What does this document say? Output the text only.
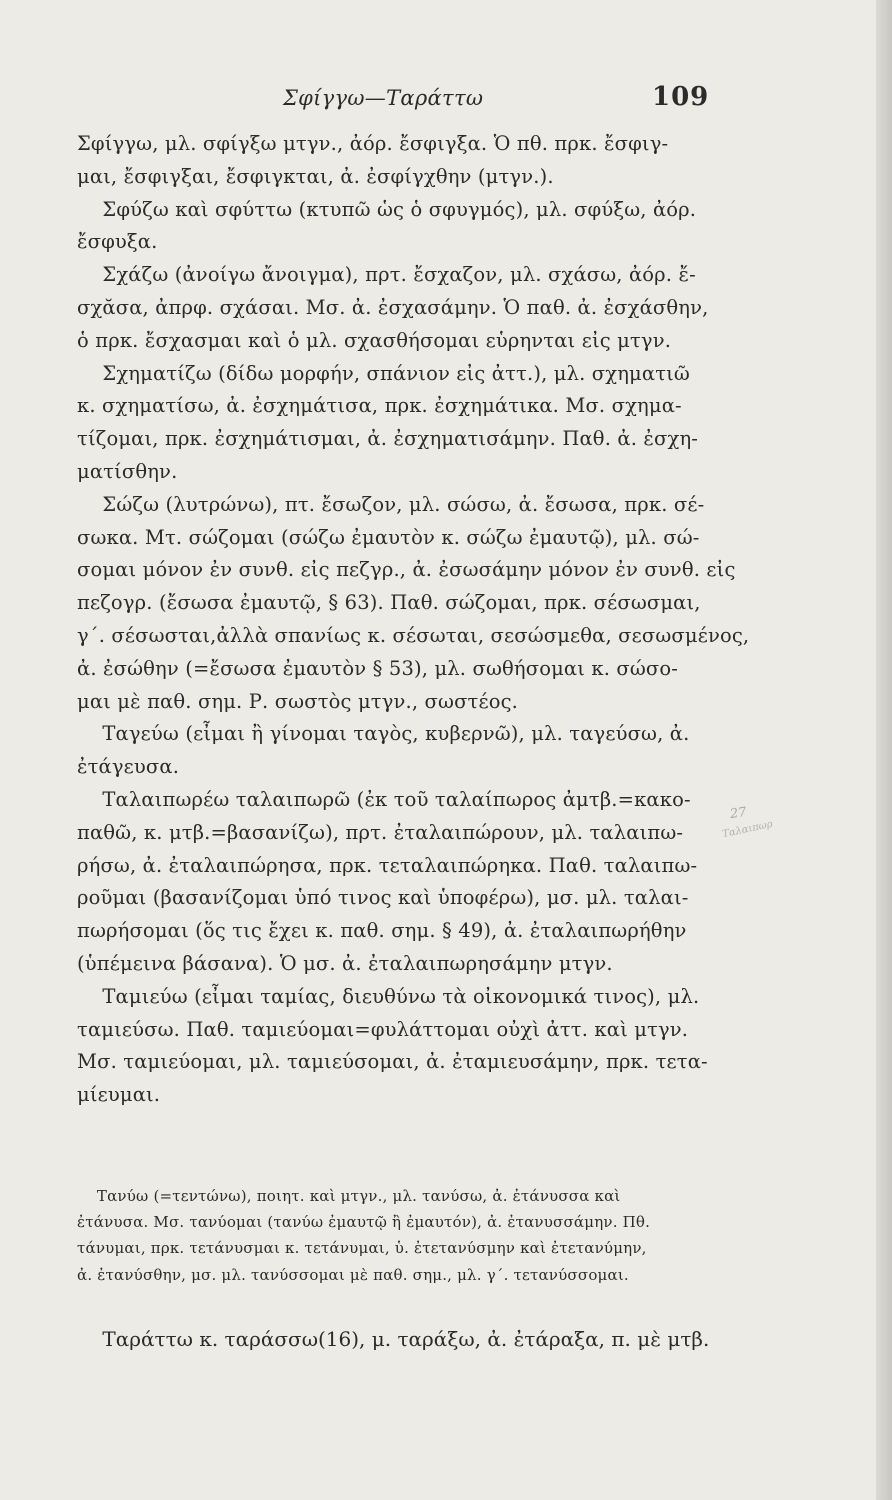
Σφίγγω—Ταράττω	109
Σφίγγω, μλ. σφίγξω μτγν., ἀόρ. ἔσφιγξα. Ὁ πθ. πρκ. ἔσφιγ-
μαι, ἔσφιγξαι, ἔσφιγκται, ἀ. ἐσφίγχθην (μτγν.).
Σφύζω καὶ σφύττω (κτυπῶ ὡς ὁ σφυγμός), μλ. σφύξω, ἀόρ.
ἔσφυξα.
Σχάζω (ἀνοίγω ἄνοιγμα), πρτ. ἔσχαζον, μλ. σχάσω, ἀόρ. ἔ-
σχᾰσα, ἀπρφ. σχάσαι. Μσ. ἀ. ἐσχασάμην. Ὁ παθ. ἀ. ἐσχάσθην,
ὁ πρκ. ἔσχασμαι καὶ ὁ μλ. σχασθήσομαι εὑρηνται εἰς μτγν.
Σχηματίζω (δίδω μορφήν, σπάνιον εἰς ἀττ.), μλ. σχηματιῶ
κ. σχηματίσω, ἀ. ἐσχημάτισα, πρκ. ἐσχημάτικα. Μσ. σχημα-
τίζομαι, πρκ. ἐσχημάτισμαι, ἀ. ἐσχηματισάμην. Παθ. ἀ. ἐσχη-
ματίσθην.
Σώζω (λυτρώνω), πτ. ἔσωζον, μλ. σώσω, ἀ. ἔσωσα, πρκ. σέ-
σωκα. Μτ. σώζομαι (σώζω ἐμαυτὸν κ. σώζω ἐμαυτῷ), μλ. σώ-
σομαι μόνον ἐν συνθ. εἰς πεζγρ., ἀ. ἐσωσάμην μόνον ἐν συνθ. εἰς
πεζογρ. (ἔσωσα ἐμαυτῷ, § 63). Παθ. σώζομαι, πρκ. σέσωσμαι,
γ΄. σέσωσται,ἀλλὰ σπανίως κ. σέσωται, σεσώσμεθα, σεσωσμένος,
ἀ. ἐσώθην (=ἔσωσα ἐμαυτὸν § 53), μλ. σωθήσομαι κ. σώσο-
μαι μὲ παθ. σημ. Ρ. σωστὸς μτγν., σωστέος.
Ταγεύω (εἶμαι ἢ γίνομαι ταγὸς, κυβερνῶ), μλ. ταγεύσω, ἀ.
ἐτάγευσα.
Ταλαιπωρέω ταλαιπωρῶ (ἐκ τοῦ ταλαίπωρος ἀμτβ.=κακο-
παθῶ, κ. μτβ.=βασανίζω), πρτ. ἐταλαιπώρουν, μλ. ταλαιπω-
ρήσω, ἀ. ἐταλαιπώρησα, πρκ. τεταλαιπώρηκα. Παθ. ταλαιπω-
ροῦμαι (βασανίζομαι ὑπό τινος καὶ ὑποφέρω), μσ. μλ. ταλαι-
πωρήσομαι (ὅς τις ἔχει κ. παθ. σημ. § 49), ἀ. ἐταλαιπωρήθην
(ὑπέμεινα βάσανα). Ὁ μσ. ἀ. ἐταλαιπωρησάμην μτγν.
Ταμιεύω (εἶμαι ταμίας, διευθύνω τὰ οἰκονομικά τινος), μλ.
ταμιεύσω. Παθ. ταμιεύομαι=φυλάττομαι οὐχὶ ἀττ. καὶ μτγν.
Μσ. ταμιεύομαι, μλ. ταμιεύσομαι, ἀ. ἐταμιευσάμην, πρκ. τετα-
μίευμαι.
Τανύω (=τεντώνω), ποιητ. καὶ μτγν., μλ. τανύσω, ἀ. ἐτάνυσσα καὶ
ἐτάνυσα. Μσ. τανύομαι (τανύω ἐμαυτῷ ἢ ἐμαυτόν), ἀ. ἐτανυσσάμην. Πθ.
τάνυμαι, πρκ. τετάνυσμαι κ. τετάνυμαι, ὑ. ἐτετανύσμην καὶ ἐτετανύμην,
ἀ. ἐτανύσθην, μσ. μλ. τανύσσομαι μὲ παθ. σημ., μλ. γ΄. τετανύσσομαι.
Ταράττω κ. ταράσσω(16), μ. ταράξω, ἀ. ἐτάραξα, π. μὲ μτβ.
27
Ταλαιπωρ
